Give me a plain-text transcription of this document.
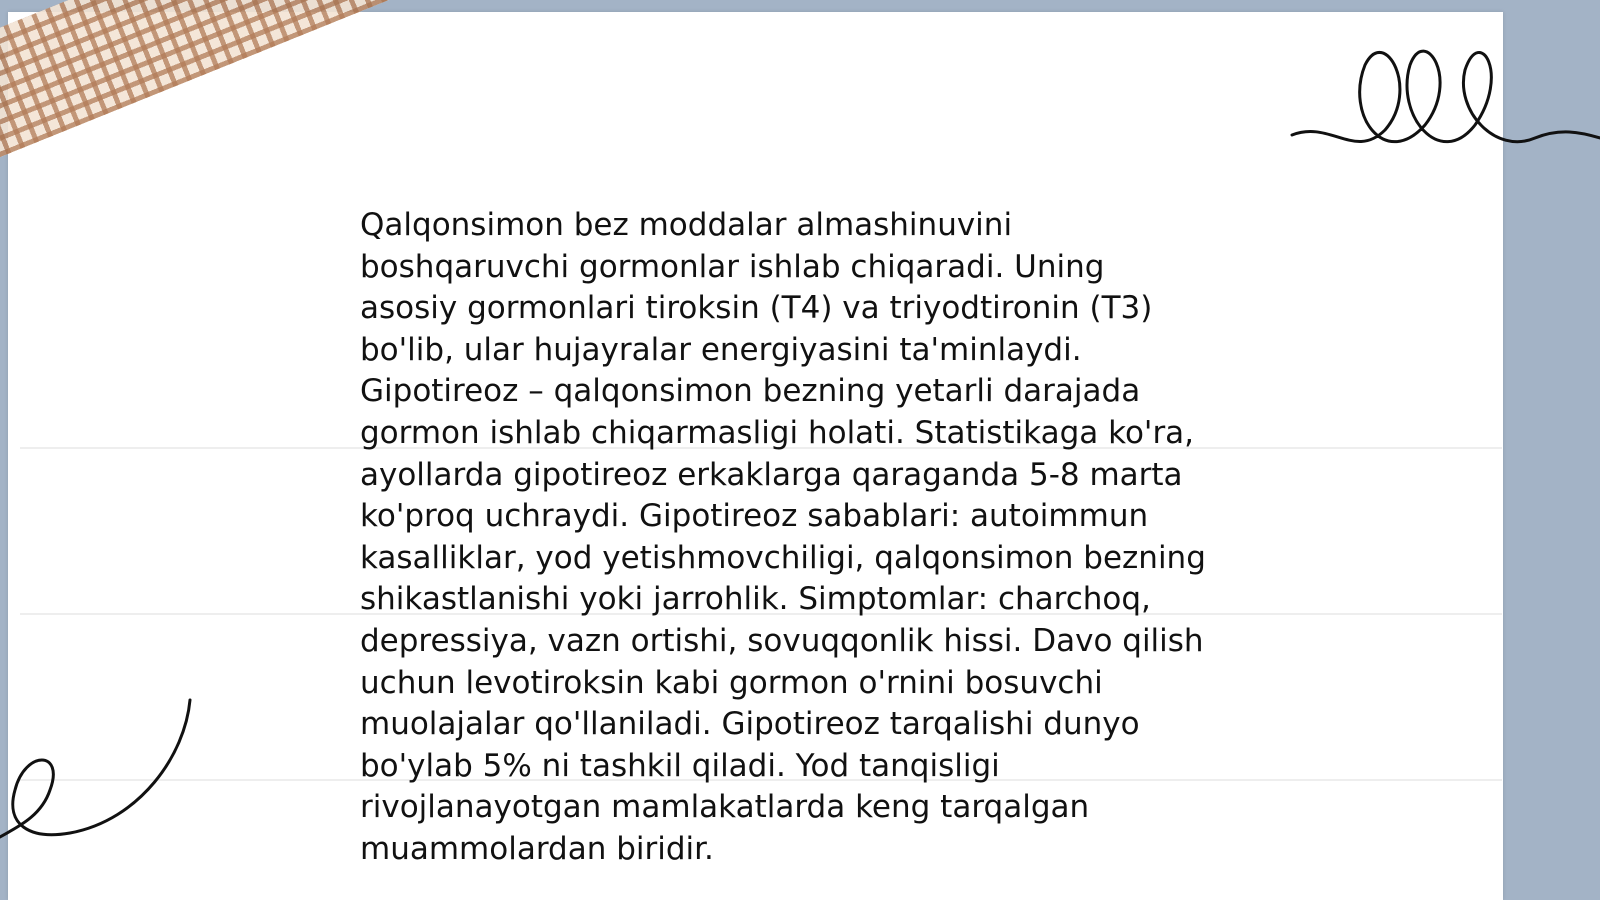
Qalqonsimon bez moddalar almashinuvini
boshqaruvchi gormonlar ishlab chiqaradi. Uning
asosiy gormonlari tiroksin (T4) va triyodtironin (T3)
bo'lib, ular hujayralar energiyasini ta'minlaydi.
Gipotireoz – qalqonsimon bezning yetarli darajada
gormon ishlab chiqarmasligi holati. Statistikaga ko'ra,
ayollarda gipotireoz erkaklarga qaraganda 5-8 marta
ko'proq uchraydi. Gipotireoz sabablari: autoimmun
kasalliklar, yod yetishmovchiligi, qalqonsimon bezning
shikastlanishi yoki jarrohlik. Simptomlar: charchoq,
depressiya, vazn ortishi, sovuqqonlik hissi. Davo qilish
uchun levotiroksin kabi gormon o'rnini bosuvchi
muolajalar qo'llaniladi. Gipotireoz tarqalishi dunyo
bo'ylab 5% ni tashkil qiladi. Yod tanqisligi
rivojlanayotgan mamlakatlarda keng tarqalgan
muammolardan biridir.
